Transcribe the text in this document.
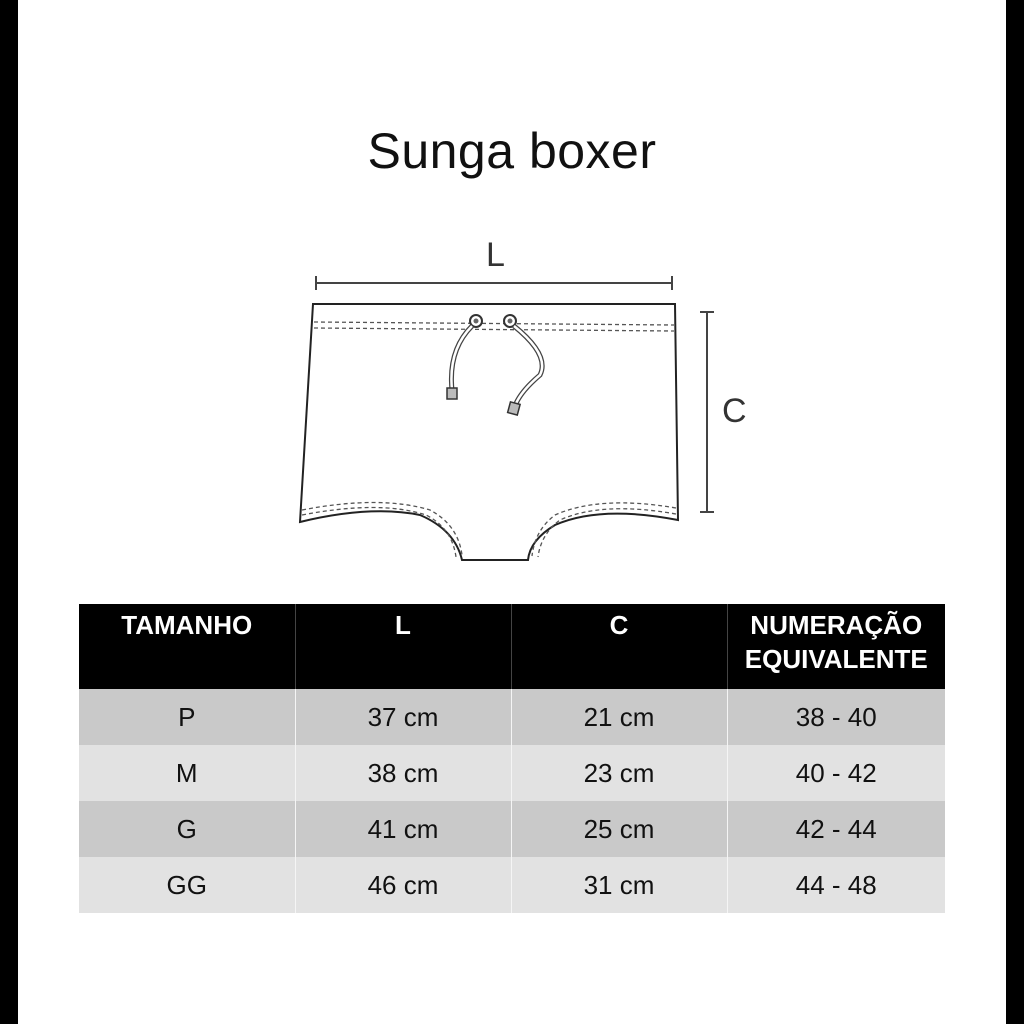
Sunga boxer
L
C
TAMANHO	L	C	NUMERAÇÃO
EQUIVALENTE
P	37 cm	21 cm	38 - 40
M	38 cm	23 cm	40 - 42
G	41 cm	25 cm	42 - 44
GG	46 cm	31 cm	44 - 48
